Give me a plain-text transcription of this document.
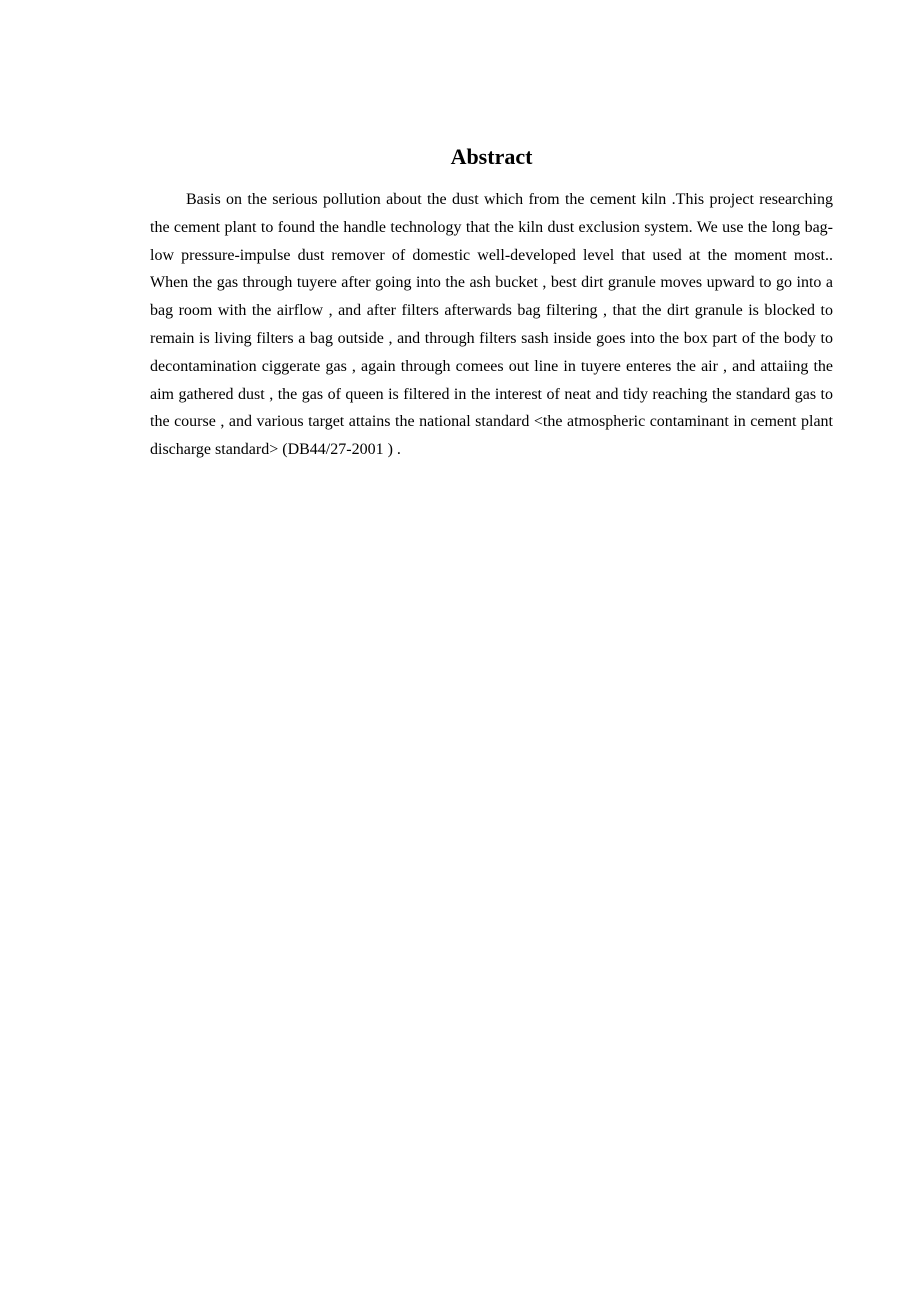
Abstract

Basis on the serious pollution about the dust which from the cement kiln .This project researching the cement plant to found the handle technology that the kiln dust exclusion system. We use the long bag-low pressure-impulse dust remover of domestic well-developed level that used at the moment most.. When the gas through tuyere after going into the ash bucket , best dirt granule moves upward to go into a bag room with the airflow , and after filters afterwards bag filtering , that the dirt granule is blocked to remain is living filters a bag outside , and through filters sash inside goes into the box part of the body to decontamination ciggerate gas , again through comees out line in tuyere enteres the air , and attaiing the aim gathered dust , the gas of queen is filtered in the interest of neat and tidy reaching the standard gas to the course , and various target attains the national standard <the atmospheric contaminant in cement plant discharge standard> (DB44/27-2001 ) .
